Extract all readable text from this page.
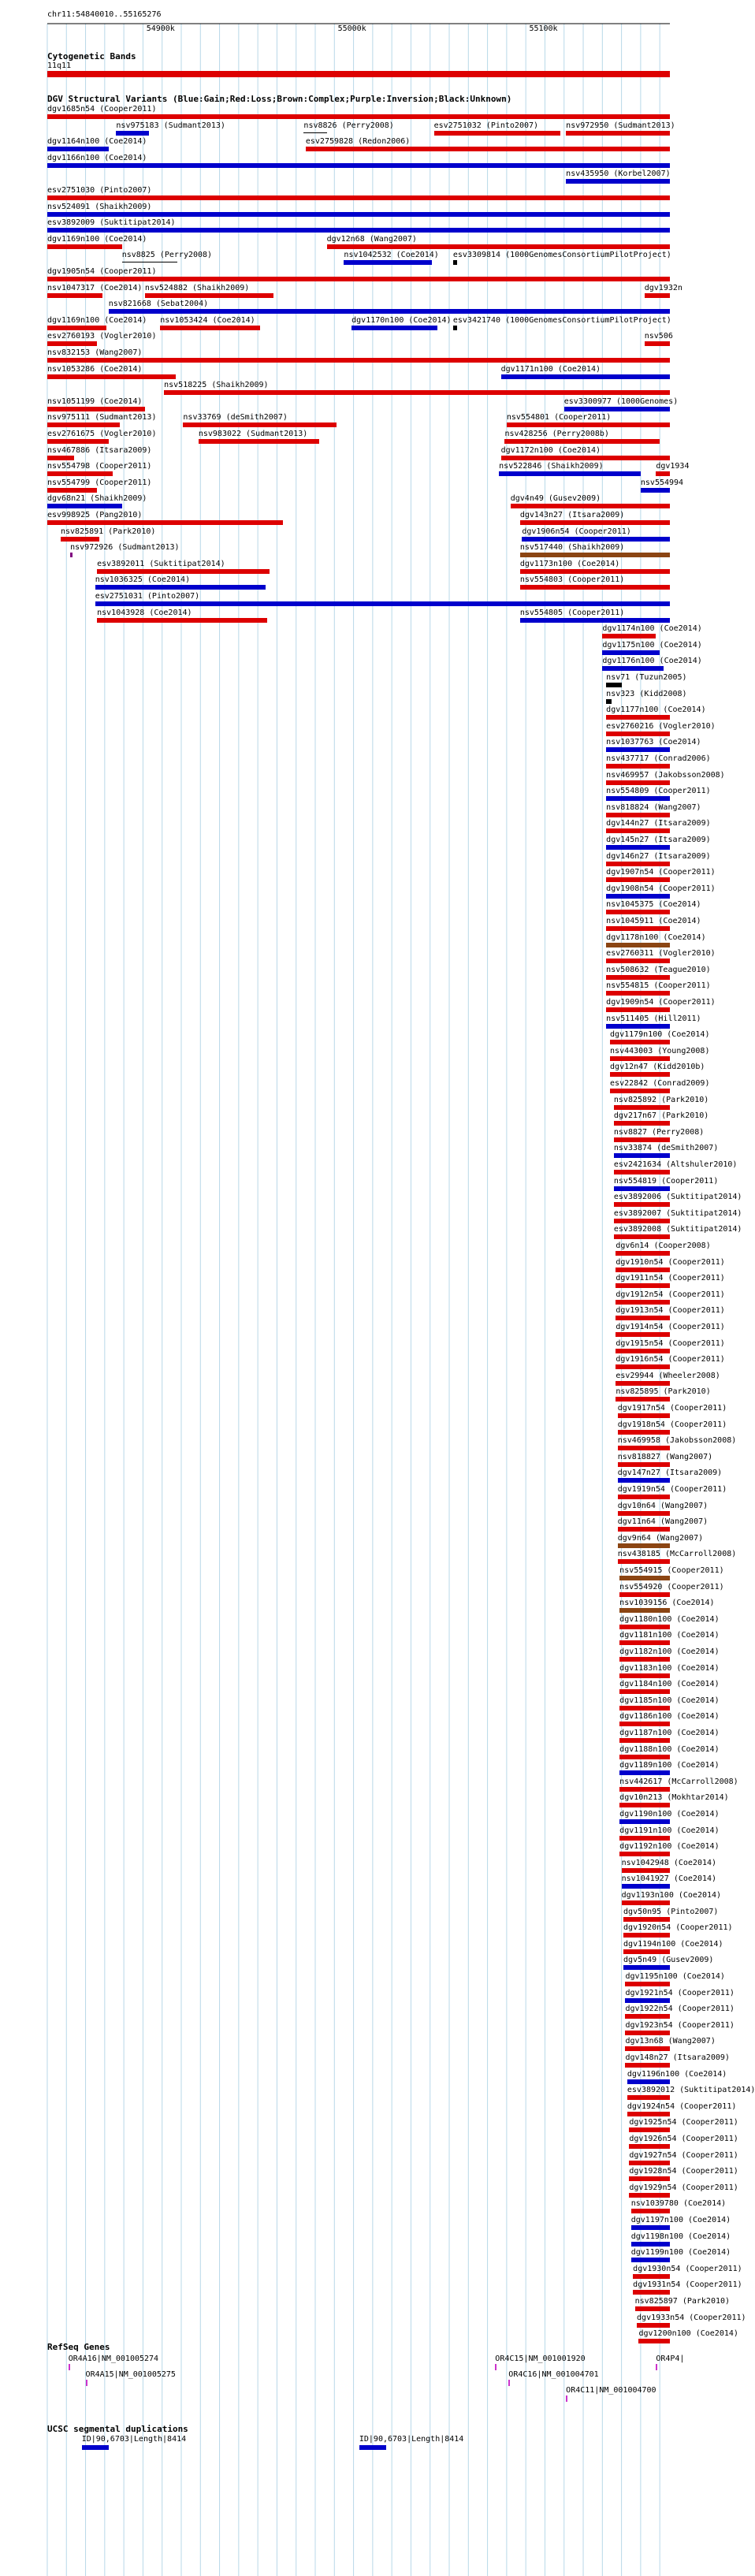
chr11:54840010..55165276
54900k	55000k	55100k
Cytogenetic Bands
11q11
DGV Structural Variants (Blue:Gain;Red:Loss;Brown:Complex;Purple:Inversion;Black:Unknown)
dgv1685n54 (Cooper2011)
nsv975183 (Sudmant2013)	nsv8826 (Perry2008)	esv2751032 (Pinto2007)	nsv972950 (Sudmant2013)
dgv1164n100 (Coe2014)	esv2759828 (Redon2006)
dgv1166n100 (Coe2014)
nsv435950 (Korbel2007)
esv2751030 (Pinto2007)
nsv524091 (Shaikh2009)
esv3892009 (Suktitipat2014)
dgv1169n100 (Coe2014)
nsv8825 (Perry2008)
dgv12n68 (Wang2007)
dgv1905n54 (Cooper2011)
nsv1047317 (Coe2014)
nsv821668 (Sebat2004)
dgv1169n100 (Coe2014)
nsv524882 (Shaikh2009)
nsv1042532 (Coe2014) esv3309814 (1000GenomesConsortiumPilotProject)
dgv1932n
esv2760193 (Vogler2010)
nsv1053424 (Coe2014)	dgv1170n100 (Coe2014) esv3421740 (1000GenomesConsortiumPilotProject)
nsv506
nsv832153 (Wang2007)
nsv1053286 (Coe2014)
nsv518225 (Shaikh2009)
nsv1051199 (Coe2014)
dgv1171n100 (Coe2014)
esv3300977 (1000Genomes)
nsv975111 (Sudmant2013)	nsv33769 (deSmith2007)	nsv554801 (Cooper2011)
esv2761675 (Vogler2010)	nsv983022 (Sudmant2013)	nsv428256 (Perry2008b)
nsv467886 (Itsara2009)
nsv554798 (Cooper2011)
dgv1172n100 (Coe2014)
nsv554799 (Cooper2011)
dgv68n21 (Shaikh2009)
nsv522846 (Shaikh2009)
nsv554994
esv998925 (Pang2010)
dgv4n49 (Gusev2009)
nsv825891 (Park2010)
dgv143n27 (Itsara2009)
nsv972926 (Sudmant2013)
dgv1906n54 (Cooper2011)
esv3892011 (Suktitipat2014)
nsv517440 (Shaikh2009)
nsv1036325 (Coe2014)
esv2751031 (Pinto2007)
dgv1173n100 (Coe2014)
nsv1043928 (Coe2014)
nsv554803 (Cooper2011)
nsv554805 (Cooper2011)
dgv1174n100 (Coe2014)
dgv1934
dgv1175n100 (Coe2014)
dgv1176n100 (Coe2014)
nsv71 (Tuzun2005)
nsv323 (Kidd2008)
dgv1177n100 (Coe2014)
esv2760216 (Vogler2010)
nsv1037763 (Coe2014)
nsv437717 (Conrad2006)
nsv469957 (Jakobsson2008)
nsv554809 (Cooper2011)
nsv818824 (Wang2007)
dgv144n27 (Itsara2009)
dgv145n27 (Itsara2009)
dgv146n27 (Itsara2009)
dgv1907n54 (Cooper2011)
dgv1908n54 (Cooper2011)
nsv1045375 (Coe2014)
nsv1045911 (Coe2014)
dgv1178n100 (Coe2014)
esv2760311 (Vogler2010)
nsv508632 (Teague2010)
nsv554815 (Cooper2011)
dgv1909n54 (Cooper2011)
nsv511405 (Hill2011)
dgv1179n100 (Coe2014)
nsv443003 (Young2008)
dgv12n47 (Kidd2010b)
esv22842 (Conrad2009)
nsv825892 (Park2010)
dgv217n67 (Park2010)
nsv8827 (Perry2008)
nsv33874 (deSmith2007)
esv2421634 (Altshuler2010)
nsv554819 (Cooper2011)
esv3892006 (Suktitipat2014)
esv3892007 (Suktitipat2014)
esv3892008 (Suktitipat2014)
dgv6n14 (Cooper2008)
dgv1910n54 (Cooper2011)
dgv1911n54 (Cooper2011)
dgv1912n54 (Cooper2011)
dgv1913n54 (Cooper2011)
dgv1914n54 (Cooper2011)
dgv1915n54 (Cooper2011)
dgv1916n54 (Cooper2011)
esv29944 (Wheeler2008)
nsv825895 (Park2010)
dgv1917n54 (Cooper2011)
dgv1918n54 (Cooper2011)
nsv469958 (Jakobsson2008)
nsv818827 (Wang2007)
dgv147n27 (Itsara2009)
dgv1919n54 (Cooper2011)
dgv10n64 (Wang2007)
dgv11n64 (Wang2007)
dgv9n64 (Wang2007)
nsv438185 (McCarroll2008)
nsv554915 (Cooper2011)
nsv554920 (Cooper2011)
nsv1039156 (Coe2014)
dgv1180n100 (Coe2014)
dgv1181n100 (Coe2014)
dgv1182n100 (Coe2014)
dgv1183n100 (Coe2014)
dgv1184n100 (Coe2014)
dgv1185n100 (Coe2014)
dgv1186n100 (Coe2014)
dgv1187n100 (Coe2014)
dgv1188n100 (Coe2014)
dgv1189n100 (Coe2014)
nsv442617 (McCarroll2008)
dgv10n213 (Mokhtar2014)
dgv1190n100 (Coe2014)
dgv1191n100 (Coe2014)
dgv1192n100 (Coe2014)
nsv1042948 (Coe2014)
nsv1041927 (Coe2014)
dgv1193n100 (Coe2014)
dgv50n95 (Pinto2007)
dgv1920n54 (Cooper2011)
dgv1194n100 (Coe2014)
dgv5n49 (Gusev2009)
dgv1195n100 (Coe2014)
dgv1921n54 (Cooper2011)
dgv1922n54 (Cooper2011)
dgv1923n54 (Cooper2011)
dgv13n68 (Wang2007)
dgv148n27 (Itsara2009)
dgv1196n100 (Coe2014)
esv3892012 (Suktitipat2014)
dgv1924n54 (Cooper2011)
dgv1925n54 (Cooper2011)
dgv1926n54 (Cooper2011)
dgv1927n54 (Cooper2011)
dgv1928n54 (Cooper2011)
dgv1929n54 (Cooper2011)
nsv1039780 (Coe2014)
dgv1197n100 (Coe2014)
dgv1198n100 (Coe2014)
dgv1199n100 (Coe2014)
dgv1930n54 (Cooper2011)
dgv1931n54 (Cooper2011)
nsv825897 (Park2010)
dgv1933n54 (Cooper2011)
dgv1200n100 (Coe2014)
RefSeq Genes
OR4A16|NM_001005274
OR4A15|NM_001005275
OR4C15|NM_001001920
OR4C16|NM_001004701
OR4C11|NM_001004700
OR4P4|
UCSC segmental duplications
ID|90,6703|Length|8414	ID|90,6703|Length|8414
